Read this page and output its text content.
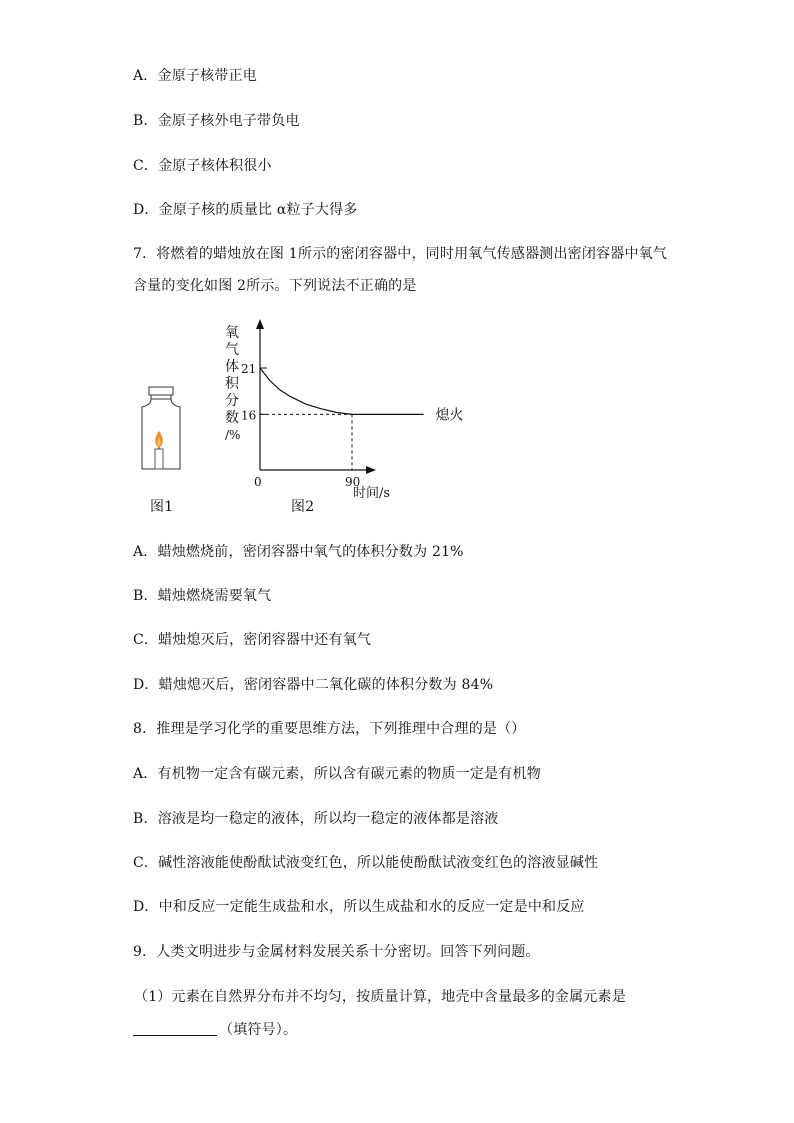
A．金原子核带正电
B．金原子核外电子带负电
C．金原子核体积很小
D．金原子核的质量比 α粒子大得多
7．将燃着的蜡烛放在图 1所示的密闭容器中，同时用氧气传感器测出密闭容器中氧气
含量的变化如图 2所示。下列说法不正确的是
图1
氧
气
体
积
分
数
/%
21
16
90
0
熄火
时间/s
图2
A．蜡烛燃烧前，密闭容器中氧气的体积分数为 21%
B．蜡烛燃烧需要氧气
C．蜡烛熄灭后，密闭容器中还有氧气
D．蜡烛熄灭后，密闭容器中二氧化碳的体积分数为 84%
8．推理是学习化学的重要思维方法，下列推理中合理的是（）
A．有机物一定含有碳元素，所以含有碳元素的物质一定是有机物
B．溶液是均一稳定的液体，所以均一稳定的液体都是溶液
C．碱性溶液能使酚酞试液变红色，所以能使酚酞试液变红色的溶液显碱性
D．中和反应一定能生成盐和水，所以生成盐和水的反应一定是中和反应
9．人类文明进步与金属材料发展关系十分密切。回答下列问题。
（1）元素在自然界分布并不均匀，按质量计算，地壳中含量最多的金属元素是
（填符号）。
